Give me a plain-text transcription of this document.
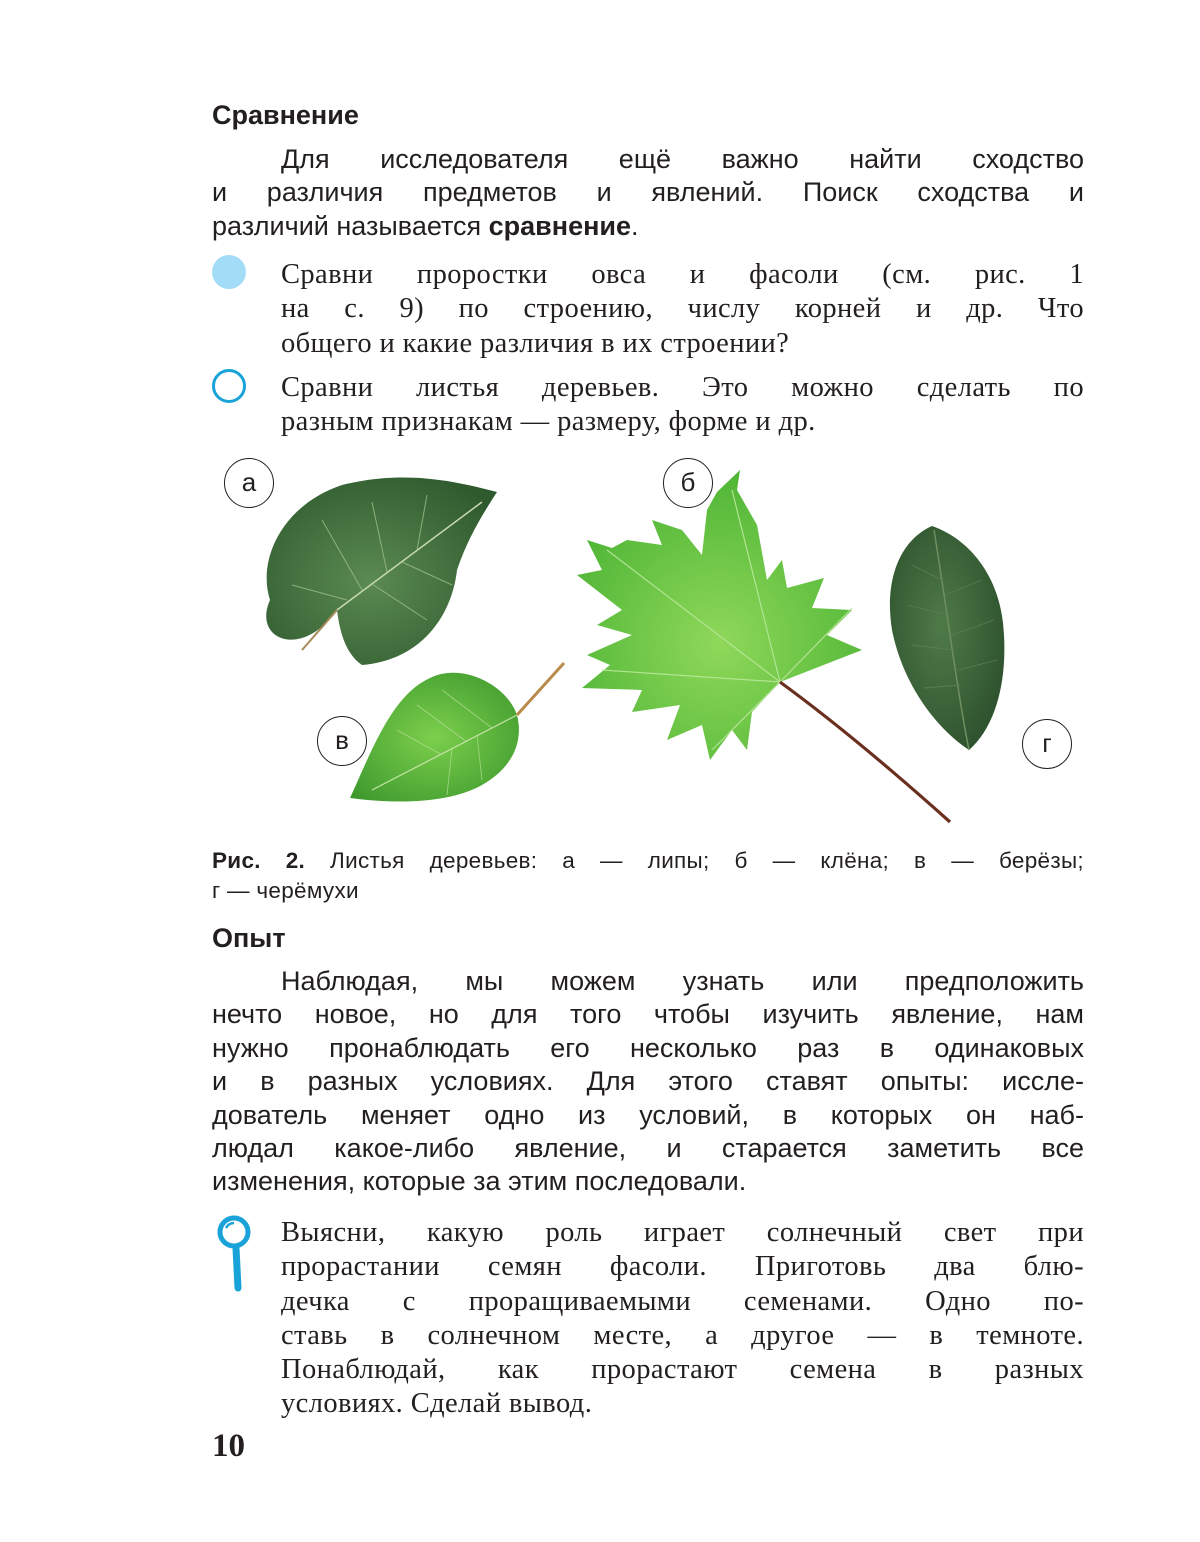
Сравнение
Для исследователя ещё важно найти сходство
и различия предметов и явлений. Поиск сходства и
различий называется сравнение.
Сравни проростки овса и фасоли (см. рис. 1
на с. 9) по строению, числу корней и др. Что
общего и какие различия в их строении?
Сравни листья деревьев. Это можно сделать по
разным признакам — размеру, форме и др.
а	б
в	г
Рис. 2. Листья деревьев: а — липы; б — клёна; в — берёзы;
г — черёмухи
Опыт
Наблюдая, мы можем узнать или предположить
нечто новое, но для того чтобы изучить явление, нам
нужно пронаблюдать его несколько раз в одинаковых
и в разных условиях. Для этого ставят опыты: иссле-
дователь меняет одно из условий, в которых он наб-
людал какое-либо явление, и старается заметить все
изменения, которые за этим последовали.
Выясни, какую роль играет солнечный свет при
прорастании семян фасоли. Приготовь два блю-
дечка с проращиваемыми семенами. Одно по-
ставь в солнечном месте, а другое — в темноте.
Понаблюдай, как прорастают семена в разных
условиях. Сделай вывод.
10
